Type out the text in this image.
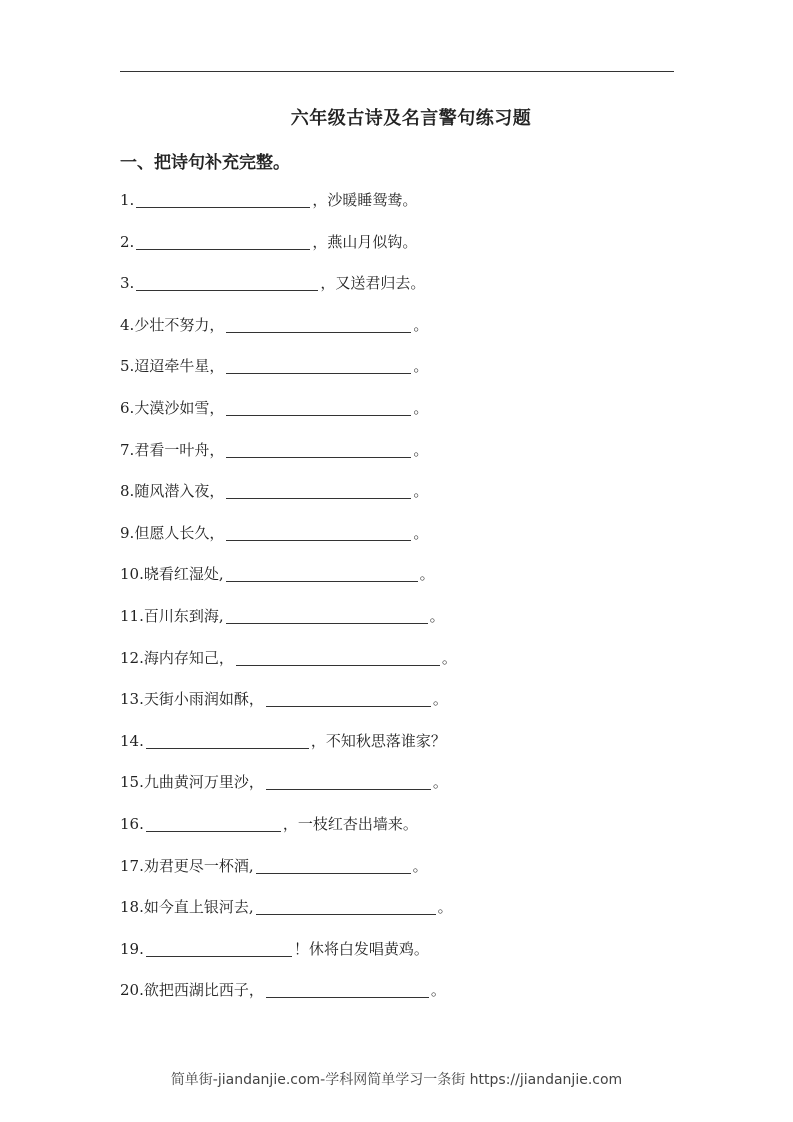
六年级古诗及名言警句练习题
一、把诗句补充完整。
1.	，沙暖睡鸳鸯。
2.	，燕山月似钩。
3.	，又送君归去。
4. 少壮不努力，	。
5. 迢迢牵牛星，	。
6. 大漠沙如雪，	。
7. 君看一叶舟，	。
8. 随风潜入夜，	。
9. 但愿人长久，	。
10. 晓看红湿处,	。
11. 百川东到海,	。
12. 海内存知己，	。
13. 天街小雨润如酥，	。
14.	，不知秋思落谁家？
15. 九曲黄河万里沙，	。
16.	，一枝红杏出墙来。
17. 劝君更尽一杯酒,	。
18. 如今直上银河去,	。
19.	！休将白发唱黄鸡。
20. 欲把西湖比西子，	。
简单街-jiandanjie.com-学科网简单学习一条街 https://jiandanjie.com
